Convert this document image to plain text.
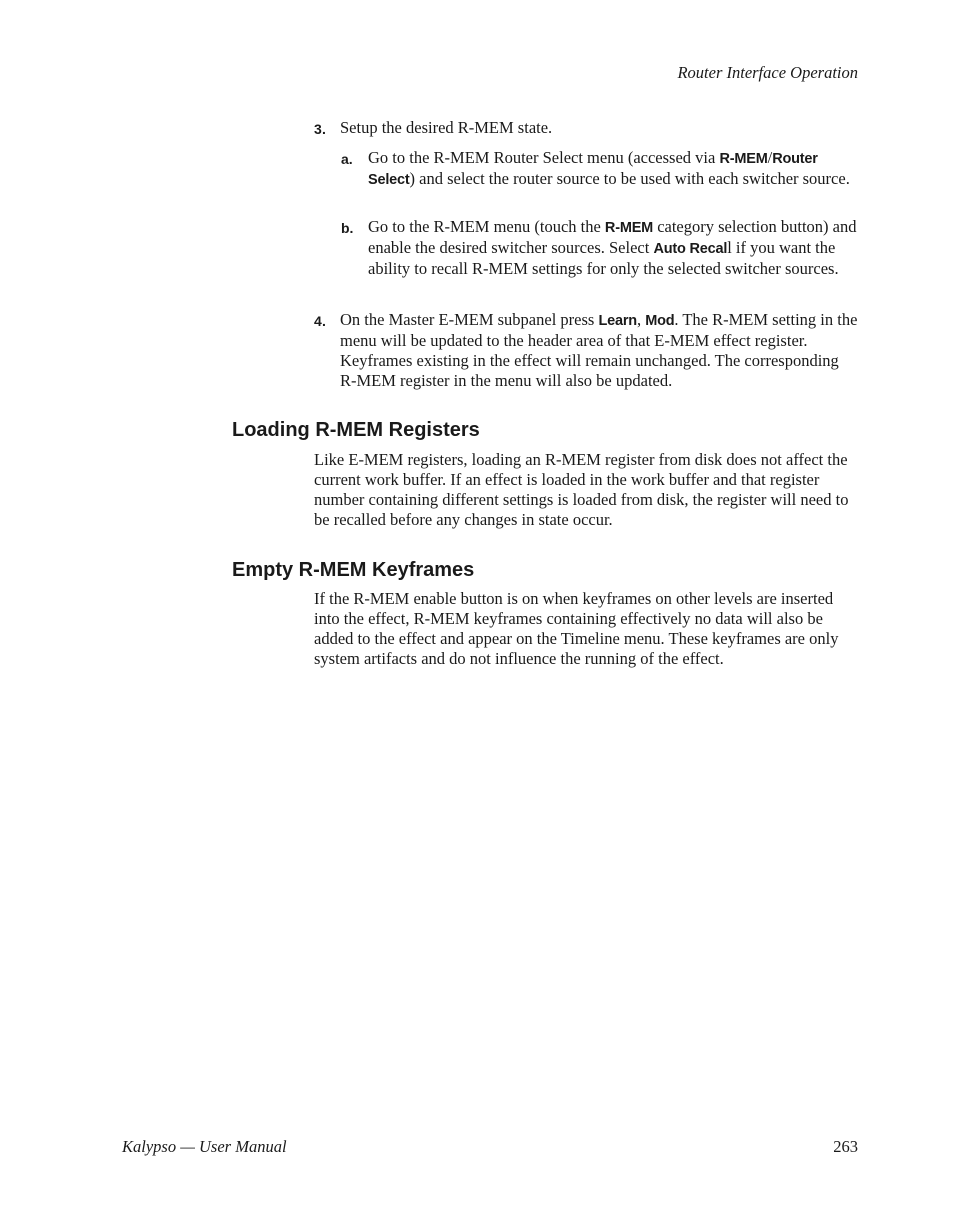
Router Interface Operation
3. Setup the desired R-MEM state.
a. Go to the R-MEM Router Select menu (accessed via R-MEM/Router Select) and select the router source to be used with each switcher source.
b. Go to the R-MEM menu (touch the R-MEM category selection button) and enable the desired switcher sources. Select Auto Recall if you want the ability to recall R-MEM settings for only the selected switcher sources.
4. On the Master E-MEM subpanel press Learn, Mod. The R-MEM setting in the menu will be updated to the header area of that E-MEM effect register. Keyframes existing in the effect will remain unchanged. The corresponding R-MEM register in the menu will also be updated.
Loading R-MEM Registers

Like E-MEM registers, loading an R-MEM register from disk does not affect the current work buffer. If an effect is loaded in the work buffer and that register number containing different settings is loaded from disk, the register will need to be recalled before any changes in state occur.

Empty R-MEM Keyframes

If the R-MEM enable button is on when keyframes on other levels are inserted into the effect, R-MEM keyframes containing effectively no data will also be added to the effect and appear on the Timeline menu. These keyframes are only system artifacts and do not influence the running of the effect.

Kalypso — User Manual	263
